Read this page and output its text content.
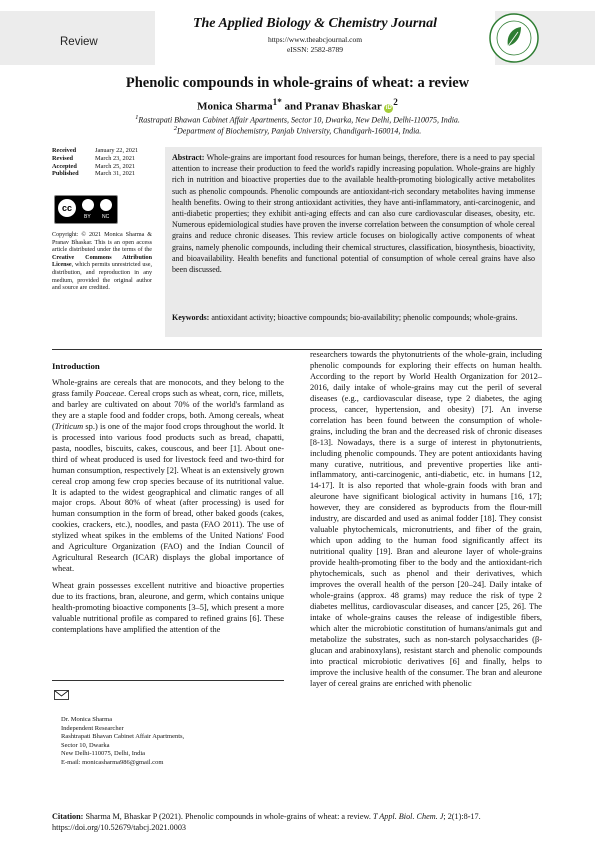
Review
The Applied Biology & Chemistry Journal
https://www.theabcjournal.com
eISSN: 2582-8789
Phenolic compounds in whole-grains of wheat: a review
Monica Sharma$^{1*}$ and Pranav Bhaskar $iD^2$
$^1$Rastrapati Bhawan Cabinet Affair Apartments, Sector 10, Dwarka, New Delhi, Delhi-110075, India.
$^2$Department of Biochemistry, Panjab University, Chandigarh-160014, India.
Received	January 22, 2021
Revised	March 23, 2021
Accepted	March 25, 2021
Published	March 31, 2021
cc
BY NC
Copyright: © 2021 Monica Sharma & Pranav Bhaskar. This is an open access article distributed under the terms of the Creative Commons Attribution License, which permits unrestricted use, distribution, and reproduction in any medium, provided the original author and source are credited.
Abstract: Whole-grains are important food resources for human beings, therefore, there is a need to pay special attention to increase their production to feed the world's rapidly increasing population. Whole-grains are highly rich in nutrition and bioactive properties due to the available health-promoting biologically active metabolites such as phenolic compounds. Phenolic compounds are antioxidant-rich secondary metabolites having immense health benefits. Owing to their strong antioxidant activities, they have anti-inflammatory, anti-carcinogenic, and anti-diabetic properties; they exhibit anti-aging effects and can also cure cardiovascular diseases, obesity, etc. Numerous epidemiological studies have proven the inverse correlation between the consumption of whole cereal grains and reduce chronic diseases. This review article focuses on biologically active components of wheat grains, namely phenolic compounds, including their chemical structures, classification, biosynthesis, bioactivity, and bioavailability. Health benefits and functional potential of consumption of whole cereal grains have also been discussed.
Keywords: antioxidant activity; bioactive compounds; bio-availability; phenolic compounds; whole-grains.
Introduction

Whole-grains are cereals that are monocots, and they belong to the grass family Poaceae. Cereal crops such as wheat, corn, rice, millets, and barley are cultivated on about 70% of the world's farmland as they are a staple food and fodder crops, both. Among cereals, wheat (Triticum sp.) is one of the major food crops throughout the world. It is processed into various food products such as bread, chapatti, pasta, noodles, biscuits, cakes, couscous, and beer [1]. About one-third of wheat produced is used for livestock feed and two-third for human consumption, respectively [2]. Wheat is an extensively grown cereal crop among few crop species because of its nutritional value. It is adapted to the widest geographical and climatic ranges of all major crops. About 80% of wheat (after processing) is used for human consumption in the form of bread, other baked goods (cakes, cookies, crackers, etc.), noodles, and pasta (FAO 2011). The use of stylized wheat spikes in the emblems of the United Nations' Food and Agriculture Organization (FAO) and the Indian Council of Agricultural Research (ICAR) displays the global importance of wheat.

Wheat grain possesses excellent nutritive and bioactive properties due to its fractions, bran, aleurone, and germ, which contains unique health-promoting bioactive components [3–5], which present a more valuable nutritional profile as compared to refined grains [6]. These contemplations have amplified the attention of the

Dr. Monica Sharma
Independent Researcher
Rashtrapati Bhavan Cabinet Affair Apartments,
Sector 10, Dwarka
New Delhi-110075, Delhi, India
E-mail: monicasharma986@gmail.com

researchers towards the phytonutrients of the whole-grain, including phenolic compounds for exploring their effects on human health. According to the report by World Health Organization for 2012–2016, daily intake of whole-grains may cut the peril of several diseases (e.g., cardiovascular disease, type 2 diabetes, the aging process, cancer, hypertension, and obesity) [7]. An inverse correlation has been found between the consumption of whole-grains, including the bran and the decreased risk of chronic diseases [8-13]. Nowadays, there is a surge of interest in phytonutrients, including phenolic compounds. They are potent antioxidants having many curative, nutritious, and preventive properties like anti-inflammatory, anti-carcinogenic, anti-diabetic, etc. in humans [12, 14-17]. It is also reported that whole-grain foods with bran and aleurone have significant biological activity in humans [16, 17]; however, they are considered as byproducts from the flour-mill industry, are discarded and used as animal fodder [18]. They consist valuable phytochemicals, micronutrients, and fiber of the grain, which upon adding to the human food significantly affect its nutritional quality [19]. Bran and aleurone layer of whole-grains provide health-promoting fiber to the body and the antioxidant-rich phytochemicals, such as phenol and their derivatives, which improves the overall health of the person [20–24]. Daily intake of whole-grains (approx. 48 grams) may reduce the risk of type 2 diabetes mellitus, cardiovascular diseases, and cancer [25, 26]. The intake of whole-grains causes the release of indigestible fibers, which alter the microbiotic constitution of humans/animals gut and metabolize the substrates, such as non-starch polysaccharides (β-glucan and arabinoxylans), resistant starch and phenolic compounds into practical microbiotic derivatives [6] and finally, helps to improve the inclusive health of the consumer. The bran and aleurone layer of cereal grains are enriched with phenolic

Citation: Sharma M, Bhaskar P (2021). Phenolic compounds in whole-grains of wheat: a review. T Appl. Biol. Chem. J; 2(1):8-17. https://doi.org/10.52679/tabcj.2021.0003
